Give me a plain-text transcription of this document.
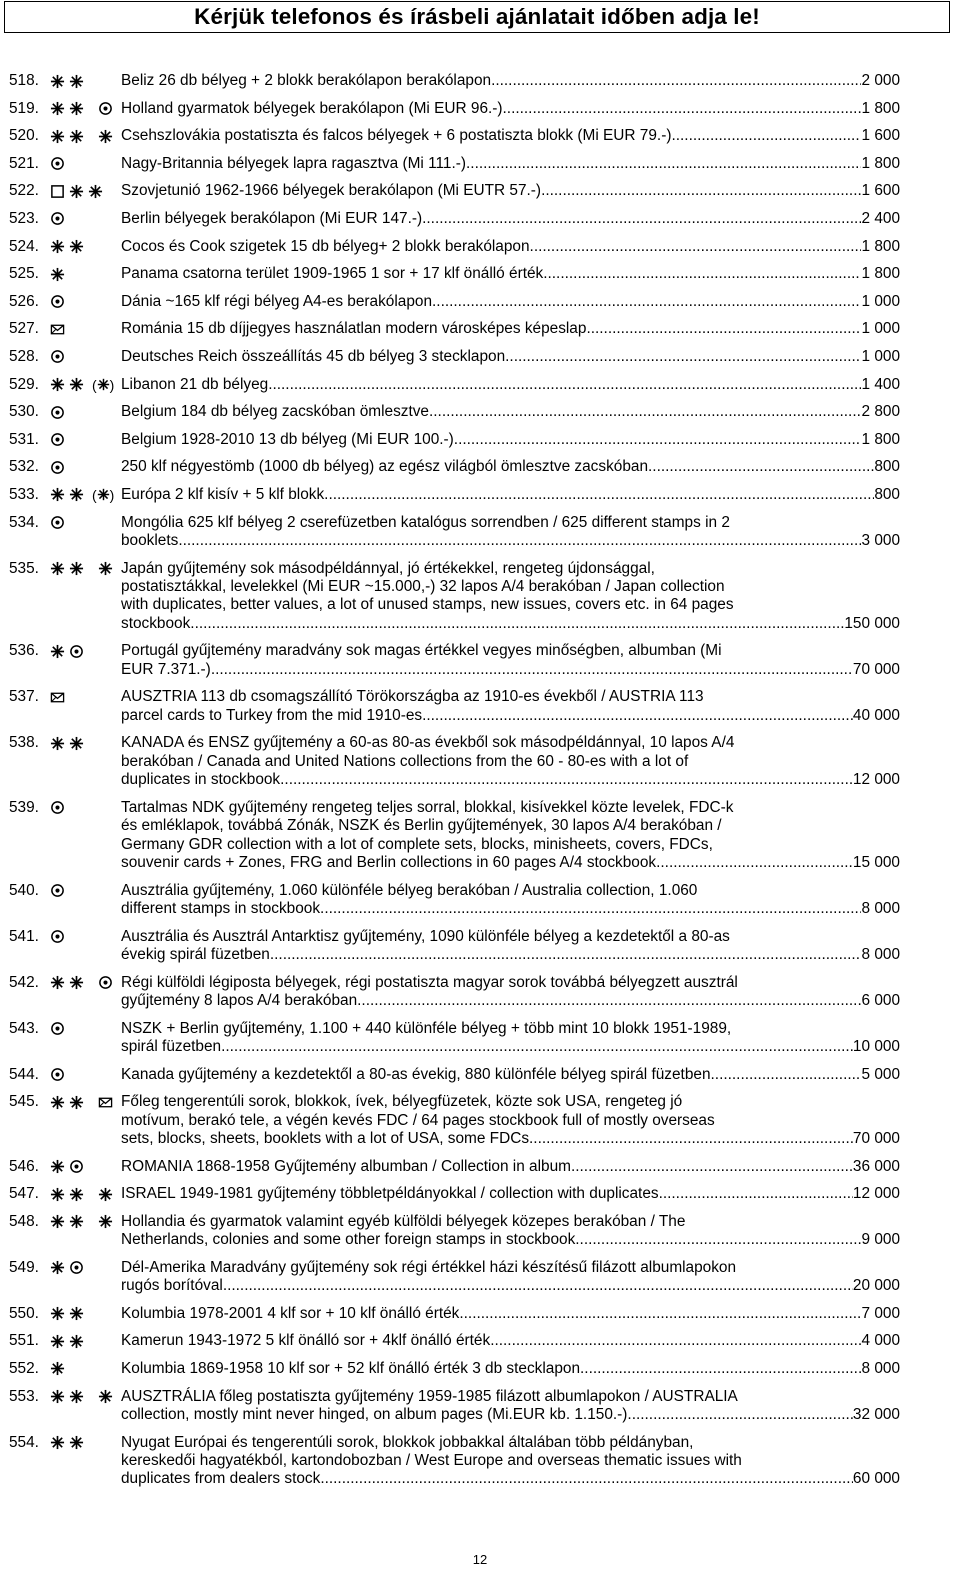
Kérjük telefonos és írásbeli ajánlatait időben adja le!
518.	Beliz 26 db bélyeg + 2 blokk berakólapon berakólapon .....	2 000
519.	Holland gyarmatok bélyegek berakólapon (Mi EUR 96.-) .....	1 800
520.	Csehszlovákia postatiszta és falcos bélyegek + 6 postatiszta blokk (Mi EUR 79.-) .....	1 600
521.	Nagy-Britannia bélyegek lapra ragasztva (Mi 111.-) .....	1 800
522.	Szovjetunió 1962-1966 bélyegek berakólapon (Mi EUTR 57.-) .....	1 600
523.	Berlin bélyegek berakólapon (Mi EUR 147.-) .....	2 400
524.	Cocos és Cook szigetek 15 db bélyeg+ 2 blokk berakólapon .....	1 800
525.	Panama csatorna terület 1909-1965 1 sor + 17 klf önálló érték .....	1 800
526.	Dánia ~165 klf régi bélyeg A4-es berakólapon .....	1 000
527.	Románia 15 db díjjegyes használatlan modern városképes képeslap .....	1 000
528.	Deutsches Reich összeállítás 45 db bélyeg 3 stecklapon .....	1 000
529.	( ) Libanon 21 db bélyeg .....	1 400
530.	Belgium 184 db bélyeg zacskóban ömlesztve .....	2 800
531.	Belgium 1928-2010 13 db bélyeg (Mi EUR 100.-) .....	1 800
532.	250 klf négyestömb (1000 db bélyeg) az egész világból ömlesztve zacskóban .....	800
533.	( ) Európa 2 klf kisív + 5 klf blokk .....	800
534.	Mongólia 625 klf bélyeg 2 cserefüzetben katalógus sorrendben / 625 different stamps in 2
booklets .....	3 000
535.	Japán gyűjtemény sok másodpéldánnyal, jó értékekkel, rengeteg újdonsággal,
postatisztákkal, levelekkel (Mi EUR ~15.000,-) 32 lapos A/4 berakóban / Japan collection
with duplicates, better values, a lot of unused stamps, new issues, covers etc. in 64 pages
stockbook .....	150 000
536.	Portugál gyűjtemény maradvány sok magas értékkel vegyes minőségben, albumban (Mi
EUR 7.371.-) .....	70 000
537.	AUSZTRIA 113 db csomagszállító Törökországba az 1910-es évekből / AUSTRIA 113
parcel cards to Turkey from the mid 1910-es .....	40 000
538.	KANADA és ENSZ gyűjtemény a 60-as 80-as évekből sok másodpéldánnyal, 10 lapos A/4
berakóban / Canada and United Nations collections from the 60 - 80-es with a lot of
duplicates in stockbook .....	12 000
539.	Tartalmas NDK gyűjtemény rengeteg teljes sorral, blokkal, kisívekkel közte levelek, FDC-k
és emléklapok, továbbá Zónák, NSZK és Berlin gyűjtemények, 30 lapos A/4 berakóban /
Germany GDR collection with a lot of complete sets, blocks, minisheets, covers, FDCs,
souvenir cards + Zones, FRG and Berlin collections in 60 pages A/4 stockbook .....	15 000
540.	Ausztrália gyűjtemény, 1.060 különféle bélyeg berakóban / Australia collection, 1.060
different stamps in stockbook .....	8 000
541.	Ausztrália és Ausztrál Antarktisz gyűjtemény, 1090 különféle bélyeg a kezdetektől a 80-as
évekig spirál füzetben .....	8 000
542.	Régi külföldi légiposta bélyegek, régi postatiszta magyar sorok továbbá bélyegzett ausztrál
gyűjtemény 8 lapos A/4 berakóban .....	6 000
543.	NSZK + Berlin gyűjtemény, 1.100 + 440 különféle bélyeg + több mint 10 blokk 1951-1989,
spirál füzetben .....	10 000
544.	Kanada gyűjtemény a kezdetektől a 80-as évekig, 880 különféle bélyeg spirál füzetben .....	5 000
545.	Főleg tengerentúli sorok, blokkok, ívek, bélyegfüzetek, közte sok USA, rengeteg jó
motívum, berakó tele, a végén kevés FDC / 64 pages stockbook full of mostly overseas
sets, blocks, sheets, booklets with a lot of USA, some FDCs .....	70 000
546.	ROMANIA 1868-1958 Gyűjtemény albumban / Collection in album .....	36 000
547.	ISRAEL 1949-1981 gyűjtemény többletpéldányokkal / collection with duplicates .....	12 000
548.	Hollandia és gyarmatok valamint egyéb külföldi bélyegek közepes berakóban / The
Netherlands, colonies and some other foreign stamps in stockbook .....	9 000
549.	Dél-Amerika Maradvány gyűjtemény sok régi értékkel házi készítésű filázott albumlapokon
rugós borítóval .....	20 000
550.	Kolumbia 1978-2001 4 klf sor + 10 klf önálló érték .....	7 000
551.	Kamerun 1943-1972 5 klf önálló sor + 4klf önálló érték .....	4 000
552.	Kolumbia 1869-1958 10 klf sor + 52 klf önálló érték 3 db stecklapon .....	8 000
553.	AUSZTRÁLIA főleg postatiszta gyűjtemény 1959-1985 filázott albumlapokon / AUSTRALIA
collection, mostly mint never hinged, on album pages (Mi.EUR kb. 1.150.-) .....	32 000
554.	Nyugat Európai és tengerentúli sorok, blokkok jobbakkal általában több példányban,
kereskedői hagyatékból, kartondobozban / West Europe and overseas thematic issues with
duplicates from dealers stock .....	60 000
12
